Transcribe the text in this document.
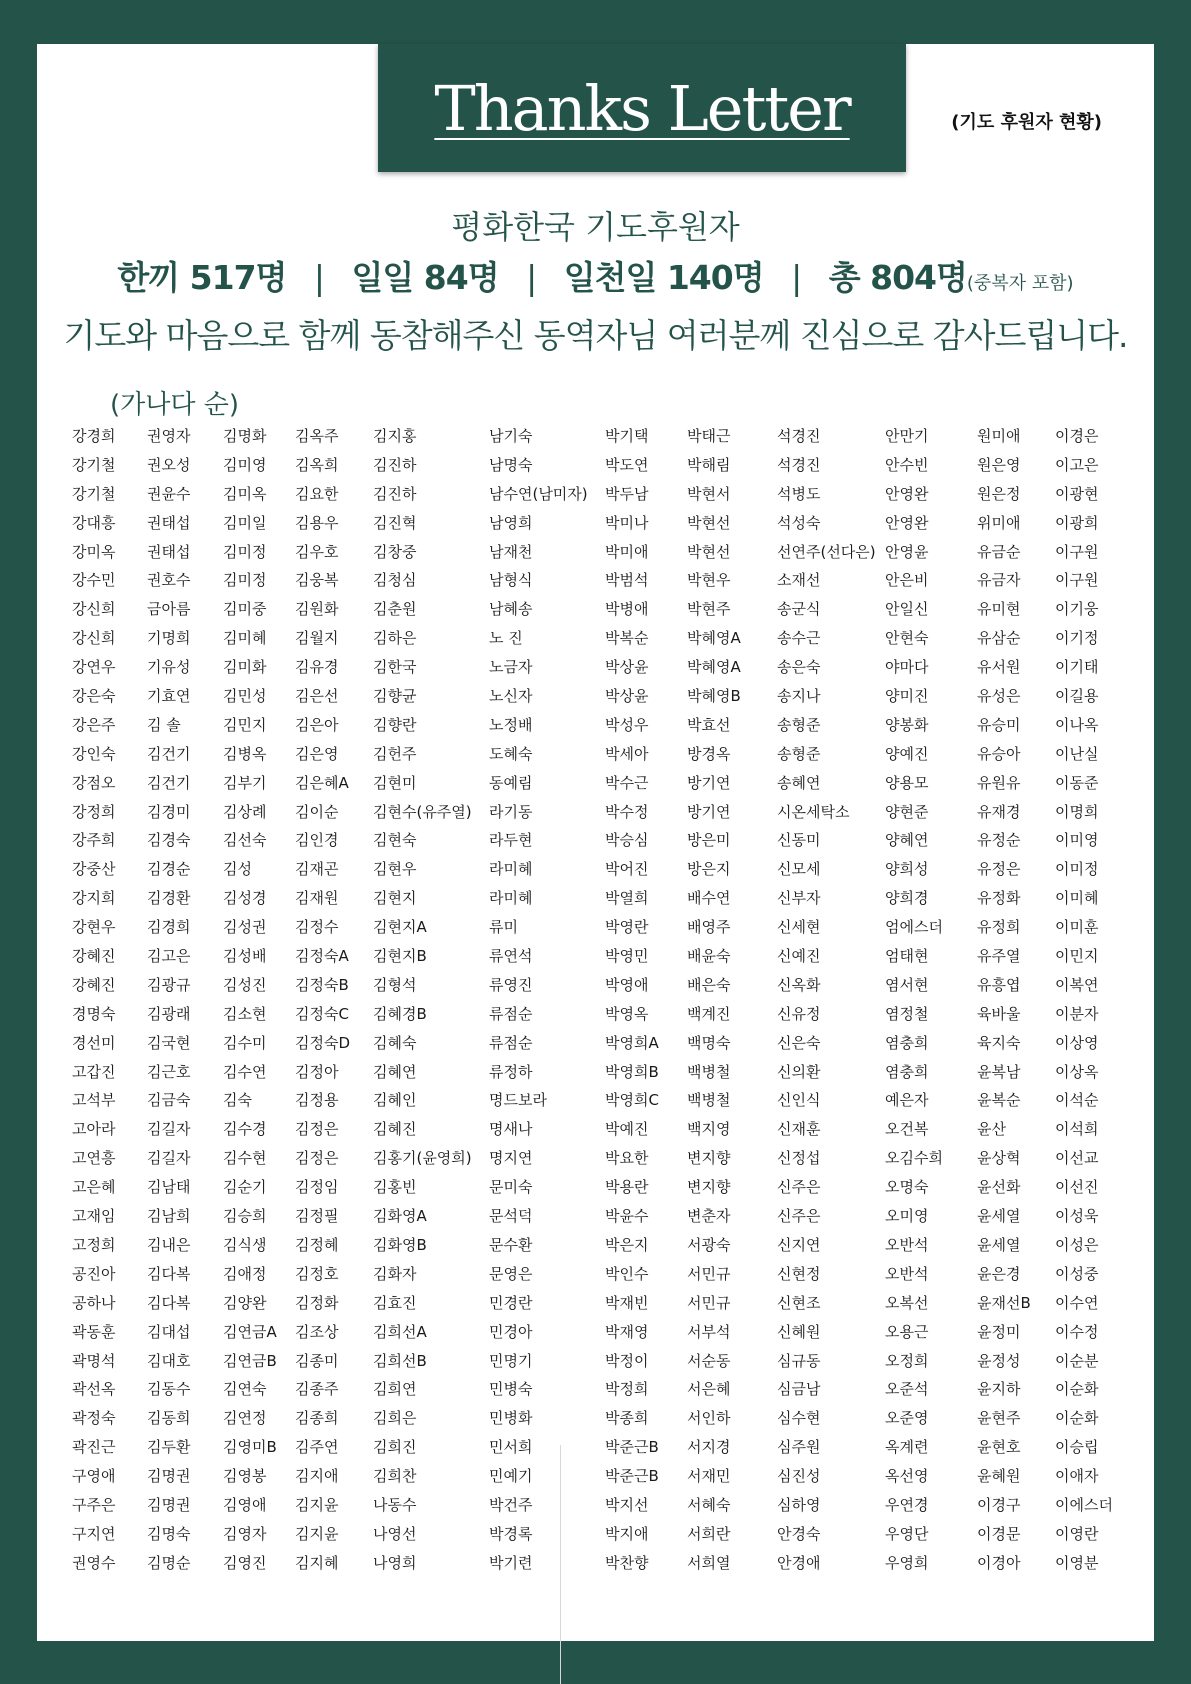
Thanks Letter	(기도 후원자 현황)
평화한국 기도후원자
한끼 517명 | 일일 84명 | 일천일 140명 | 총 804명(중복자 포함)
기도와 마음으로 함께 동참해주신 동역자님 여러분께 진심으로 감사드립니다.
(가나다 순)
강경희
강기철
강기철
강대흥
강미옥
강수민
강신희
강신희
강연우
강은숙
강은주
강인숙
강점오
강정희
강주희
강중산
강지희
강현우
강혜진
강혜진
경명숙
경선미
고갑진
고석부
고아라
고연흥
고은혜
고재임
고정희
공진아
공하나
곽동훈
곽명석
곽선옥
곽정숙
곽진근
구영애
구주은
구지연
권영수
권영자
권오성
권윤수
권태섭
권태섭
권호수
금아름
기명희
기유성
기효연
김 솔
김건기
김건기
김경미
김경숙
김경순
김경환
김경희
김고은
김광규
김광래
김국현
김근호
김금숙
김길자
김길자
김남태
김남희
김내은
김다복
김다복
김대섭
김대호
김동수
김동희
김두환
김명권
김명권
김명숙
김명순
김명화
김미영
김미옥
김미일
김미정
김미정
김미중
김미혜
김미화
김민성
김민지
김병옥
김부기
김상례
김선숙
김성
김성경
김성권
김성배
김성진
김소현
김수미
김수연
김숙
김수경
김수현
김순기
김승희
김식생
김애정
김양완
김연금A
김연금B
김연숙
김연정
김영미B
김영봉
김영애
김영자
김영진
김옥주
김옥희
김요한
김용우
김우호
김웅복
김원화
김월지
김유경
김은선
김은아
김은영
김은혜A
김이순
김인경
김재곤
김재원
김정수
김정숙A
김정숙B
김정숙C
김정숙D
김정아
김정용
김정은
김정은
김정임
김정필
김정혜
김정호
김정화
김조상
김종미
김종주
김종희
김주연
김지애
김지윤
김지윤
김지혜
김지홍
김진하
김진하
김진혁
김창중
김청심
김춘원
김하은
김한국
김향균
김향란
김헌주
김현미
김현수(유주열)
김현숙
김현우
김현지
김현지A
김현지B
김형석
김혜경B
김혜숙
김혜연
김혜인
김혜진
김홍기(윤영희)
김홍빈
김화영A
김화영B
김화자
김효진
김희선A
김희선B
김희연
김희은
김희진
김희찬
나동수
나영선
나영희
남기숙
남명숙
남수연(남미자)
남영희
남재천
남형식
남혜송
노 진
노금자
노신자
노정배
도혜숙
동예림
라기동
라두현
라미혜
라미혜
류미
류연석
류영진
류점순
류점순
류정하
명드보라
명새나
명지연
문미숙
문석덕
문수환
문영은
민경란
민경아
민명기
민병숙
민병화
민서희
민예기
박건주
박경록
박기련
박기택
박도연
박두남
박미나
박미애
박범석
박병애
박복순
박상윤
박상윤
박성우
박세아
박수근
박수정
박승심
박어진
박열희
박영란
박영민
박영애
박영옥
박영희A
박영희B
박영희C
박예진
박요한
박용란
박윤수
박은지
박인수
박재빈
박재영
박정이
박정희
박종희
박준근B
박준근B
박지선
박지애
박찬향
박태근
박해림
박현서
박현선
박현선
박현우
박현주
박혜영A
박혜영A
박혜영B
박효선
방경옥
방기연
방기연
방은미
방은지
배수연
배영주
배윤숙
배은숙
백계진
백명숙
백병철
백병철
백지영
변지향
변지향
변춘자
서광숙
서민규
서민규
서부석
서순동
서은혜
서인하
서지경
서재민
서혜숙
서희란
서희열
석경진
석경진
석병도
석성숙
선연주(선다은)
소재선
송군식
송수근
송은숙
송지나
송형준
송형준
송혜연
시온세탁소
신동미
신모세
신부자
신세현
신예진
신옥화
신유정
신은숙
신의환
신인식
신재훈
신정섭
신주은
신주은
신지연
신현정
신현조
신혜원
심규동
심금남
심수현
심주원
심진성
심하영
안경숙
안경애
안만기
안수빈
안영완
안영완
안영윤
안은비
안일신
안현숙
야마다
양미진
양봉화
양예진
양용모
양현준
양혜연
양희성
양희경
엄에스더
엄태현
염서현
염정철
염충희
염충희
예은자
오건복
오김수희
오명숙
오미영
오반석
오반석
오복선
오용근
오정희
오준석
오준영
옥계련
옥선영
우연경
우영단
우영희
원미애
원은영
원은정
위미애
유금순
유금자
유미현
유삼순
유서원
유성은
유승미
유승아
유원유
유재경
유정순
유정은
유정화
유정희
유주열
유흥엽
육바울
육지숙
윤복남
윤복순
윤산
윤상혁
윤선화
윤세열
윤세열
윤은경
윤재선B
윤정미
윤정성
윤지하
윤현주
윤현호
윤혜원
이경구
이경문
이경아
이경은
이고은
이광현
이광희
이구원
이구원
이기웅
이기정
이기태
이길용
이나옥
이난실
이동준
이명희
이미영
이미정
이미혜
이미훈
이민지
이복연
이분자
이상영
이상옥
이석순
이석희
이선교
이선진
이성욱
이성은
이성중
이수연
이수정
이순분
이순화
이순화
이승립
이애자
이에스더
이영란
이영분
